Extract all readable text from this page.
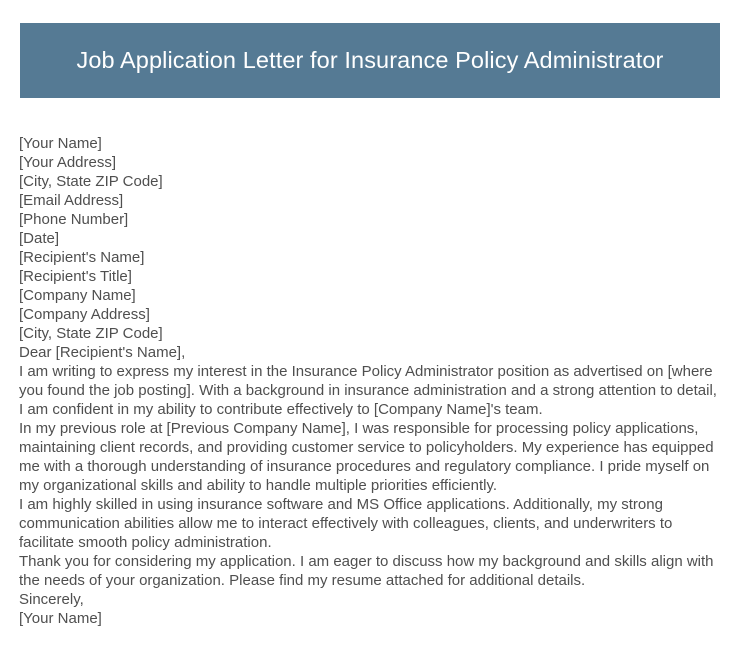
Job Application Letter for Insurance Policy Administrator
[Your Name]
[Your Address]
[City, State ZIP Code]
[Email Address]
[Phone Number]
[Date]
[Recipient's Name]
[Recipient's Title]
[Company Name]
[Company Address]
[City, State ZIP Code]
Dear [Recipient's Name],

I am writing to express my interest in the Insurance Policy Administrator position as advertised on [where you found the job posting]. With a background in insurance administration and a strong attention to detail, I am confident in my ability to contribute effectively to [Company Name]'s team.

In my previous role at [Previous Company Name], I was responsible for processing policy applications, maintaining client records, and providing customer service to policyholders. My experience has equipped me with a thorough understanding of insurance procedures and regulatory compliance. I pride myself on my organizational skills and ability to handle multiple priorities efficiently.

I am highly skilled in using insurance software and MS Office applications. Additionally, my strong communication abilities allow me to interact effectively with colleagues, clients, and underwriters to facilitate smooth policy administration.

Thank you for considering my application. I am eager to discuss how my background and skills align with the needs of your organization. Please find my resume attached for additional details.

Sincerely,
[Your Name]
